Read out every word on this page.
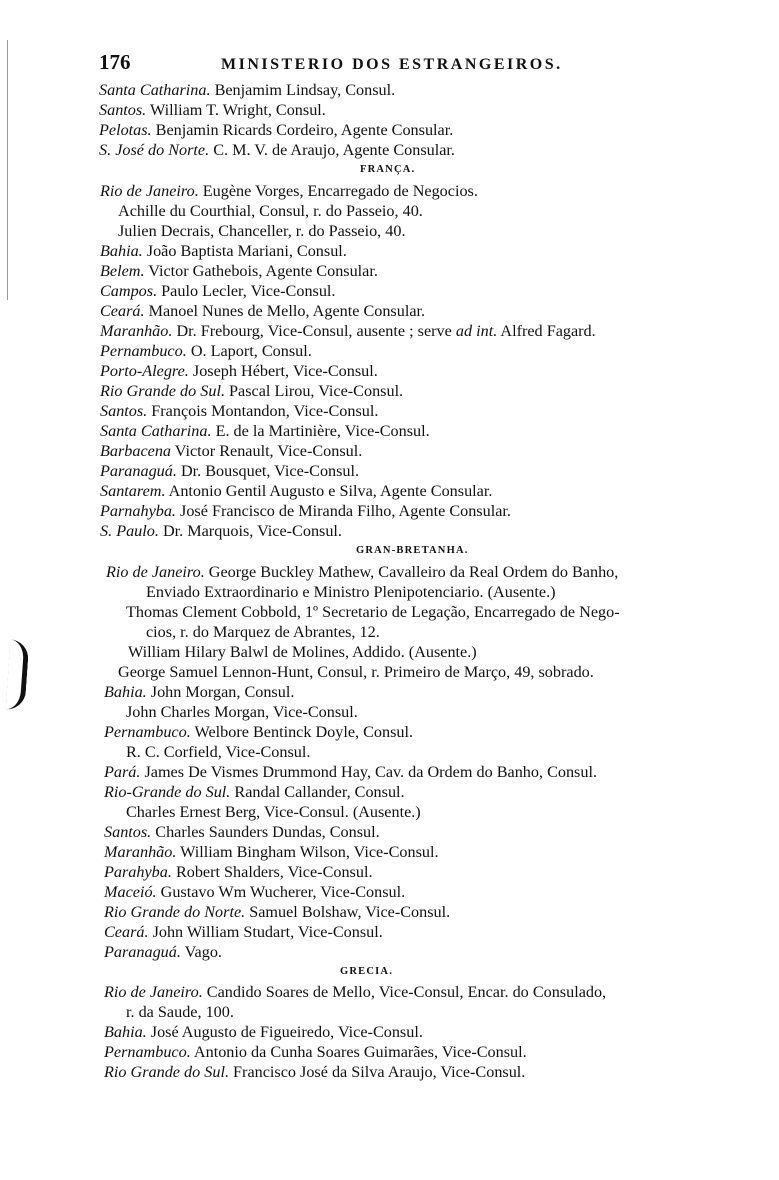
176	MINISTERIO DOS ESTRANGEIROS.
Santa Catharina. Benjamim Lindsay, Consul.
Santos. William T. Wright, Consul.
Pelotas. Benjamin Ricards Cordeiro, Agente Consular.
S. José do Norte. C. M. V. de Araujo, Agente Consular.
FRANÇA.
Rio de Janeiro. Eugène Vorges, Encarregado de Negocios.
Achille du Courthial, Consul, r. do Passeio, 40.
Julien Decrais, Chanceller, r. do Passeio, 40.
Bahia. João Baptista Mariani, Consul.
Belem. Victor Gathebois, Agente Consular.
Campos. Paulo Lecler, Vice-Consul.
Ceará. Manoel Nunes de Mello, Agente Consular.
Maranhão. Dr. Frebourg, Vice-Consul, ausente ; serve ad int. Alfred Fagard.
Pernambuco. O. Laport, Consul.
Porto-Alegre. Joseph Hébert, Vice-Consul.
Rio Grande do Sul. Pascal Lirou, Vice-Consul.
Santos. François Montandon, Vice-Consul.
Santa Catharina. E. de la Martinière, Vice-Consul.
Barbacena Victor Renault, Vice-Consul.
Paranaguá. Dr. Bousquet, Vice-Consul.
Santarem. Antonio Gentil Augusto e Silva, Agente Consular.
Parnahyba. José Francisco de Miranda Filho, Agente Consular.
S. Paulo. Dr. Marquois, Vice-Consul.
GRAN-BRETANHA.
Rio de Janeiro. George Buckley Mathew, Cavalleiro da Real Ordem do Banho,
Enviado Extraordinario e Ministro Plenipotenciario. (Ausente.)
Thomas Clement Cobbold, 1º Secretario de Legação, Encarregado de Nego-
cios, r. do Marquez de Abrantes, 12.
William Hilary Balwl de Molines, Addido. (Ausente.)
George Samuel Lennon-Hunt, Consul, r. Primeiro de Março, 49, sobrado.
Bahia. John Morgan, Consul.
John Charles Morgan, Vice-Consul.
Pernambuco. Welbore Bentinck Doyle, Consul.
R. C. Corfield, Vice-Consul.
Pará. James De Vismes Drummond Hay, Cav. da Ordem do Banho, Consul.
Rio-Grande do Sul. Randal Callander, Consul.
Charles Ernest Berg, Vice-Consul. (Ausente.)
Santos. Charles Saunders Dundas, Consul.
Maranhão. William Bingham Wilson, Vice-Consul.
Parahyba. Robert Shalders, Vice-Consul.
Maceió. Gustavo Wm Wucherer, Vice-Consul.
Rio Grande do Norte. Samuel Bolshaw, Vice-Consul.
Ceará. John William Studart, Vice-Consul.
Paranaguá. Vago.
GRECIA.
Rio de Janeiro. Candido Soares de Mello, Vice-Consul, Encar. do Consulado,
r. da Saude, 100.
Bahia. José Augusto de Figueiredo, Vice-Consul.
Pernambuco. Antonio da Cunha Soares Guimarães, Vice-Consul.
Rio Grande do Sul. Francisco José da Silva Araujo, Vice-Consul.
